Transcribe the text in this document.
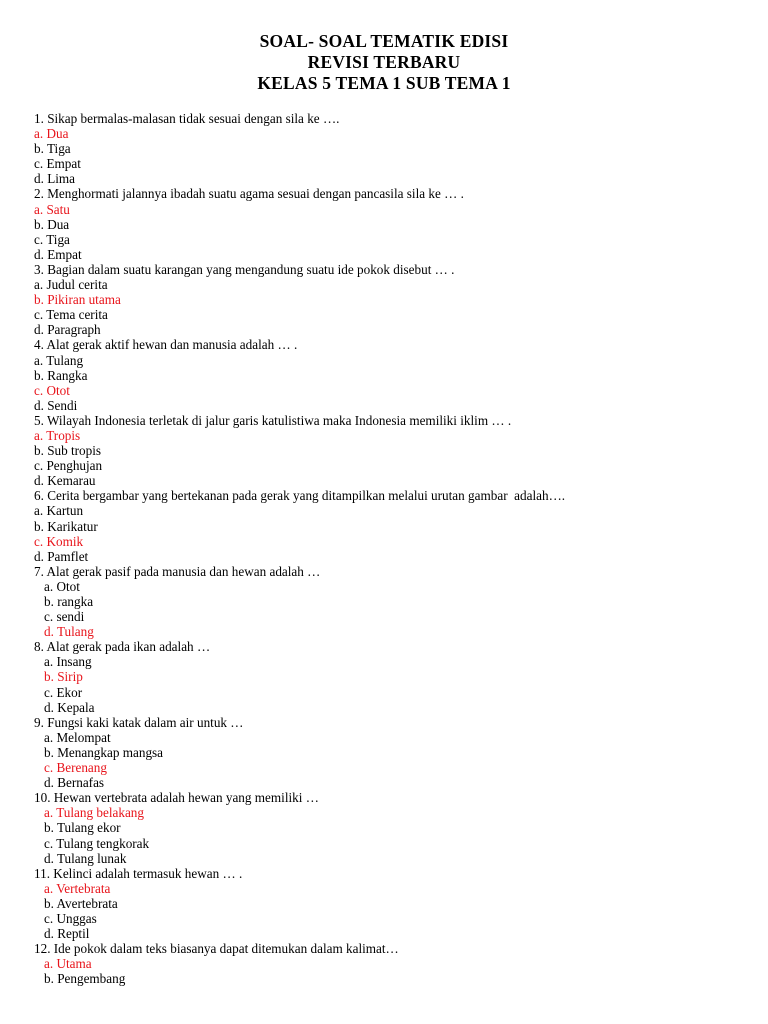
SOAL- SOAL TEMATIK EDISI
REVISI TERBARU
KELAS 5 TEMA 1 SUB TEMA 1
1. Sikap bermalas-malasan tidak sesuai dengan sila ke ….
a. Dua
b. Tiga
c. Empat
d. Lima
2. Menghormati jalannya ibadah suatu agama sesuai dengan pancasila sila ke … .
a. Satu
b. Dua
c. Tiga
d. Empat
3. Bagian dalam suatu karangan yang mengandung suatu ide pokok disebut … .
a. Judul cerita
b. Pikiran utama
c. Tema cerita
d. Paragraph
4. Alat gerak aktif hewan dan manusia adalah … .
a. Tulang
b. Rangka
c. Otot
d. Sendi
5. Wilayah Indonesia terletak di jalur garis katulistiwa maka Indonesia memiliki iklim … .
a. Tropis
b. Sub tropis
c. Penghujan
d. Kemarau
6. Cerita bergambar yang bertekanan pada gerak yang ditampilkan melalui urutan gambar  adalah….
a. Kartun
b. Karikatur
c. Komik
d. Pamflet
7. Alat gerak pasif pada manusia dan hewan adalah …
a. Otot
b. rangka
c. sendi
d. Tulang
8. Alat gerak pada ikan adalah …
a. Insang
b. Sirip
c. Ekor
d. Kepala
9. Fungsi kaki katak dalam air untuk …
a. Melompat
b. Menangkap mangsa
c. Berenang
d. Bernafas
10. Hewan vertebrata adalah hewan yang memiliki …
a. Tulang belakang
b. Tulang ekor
c. Tulang tengkorak
d. Tulang lunak
11. Kelinci adalah termasuk hewan … .
a. Vertebrata
b. Avertebrata
c. Unggas
d. Reptil
12. Ide pokok dalam teks biasanya dapat ditemukan dalam kalimat…
a. Utama
b. Pengembang
